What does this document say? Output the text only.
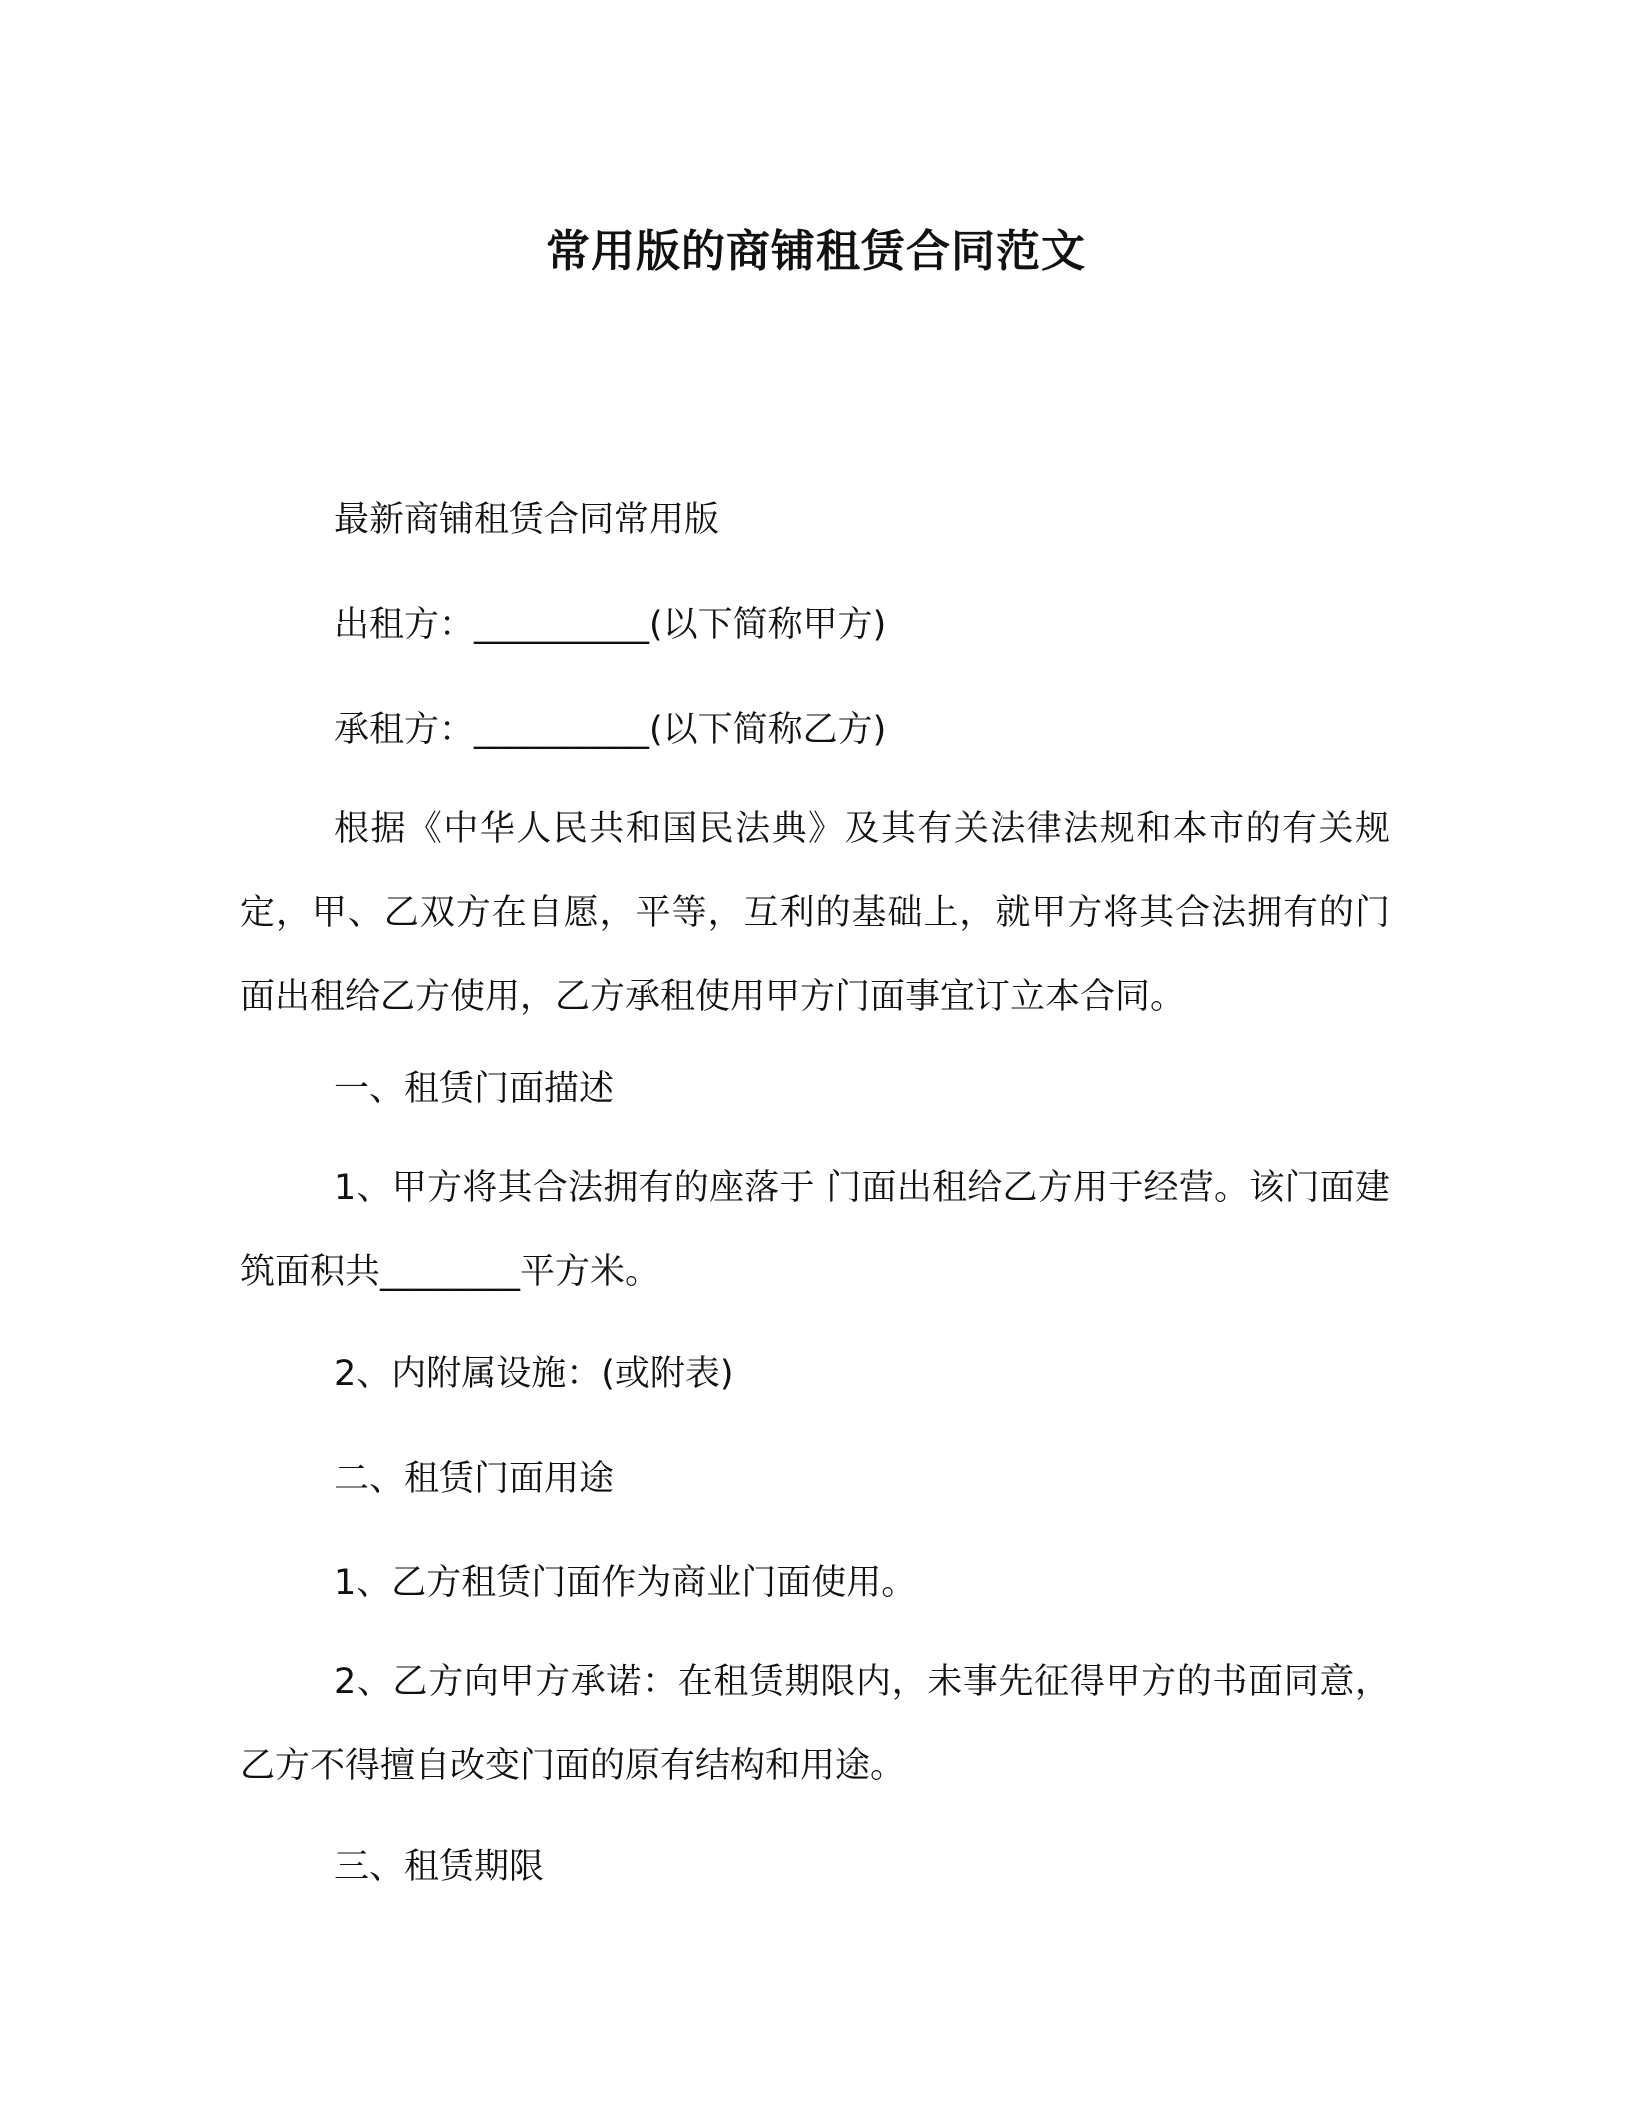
常用版的商铺租赁合同范文
最新商铺租赁合同常用版
出租方：__________(以下简称甲方)
承租方：__________(以下简称乙方)
根据《中华人民共和国民法典》及其有关法律法规和本市的有关规定，甲、乙双方在自愿，平等，互利的基础上，就甲方将其合法拥有的门面出租给乙方使用，乙方承租使用甲方门面事宜订立本合同。
一、租赁门面描述
1、甲方将其合法拥有的座落于 门面出租给乙方用于经营。该门面建筑面积共________平方米。
2、内附属设施：(或附表)
二、租赁门面用途
1、乙方租赁门面作为商业门面使用。
2、乙方向甲方承诺：在租赁期限内，未事先征得甲方的书面同意，乙方不得擅自改变门面的原有结构和用途。
三、租赁期限
